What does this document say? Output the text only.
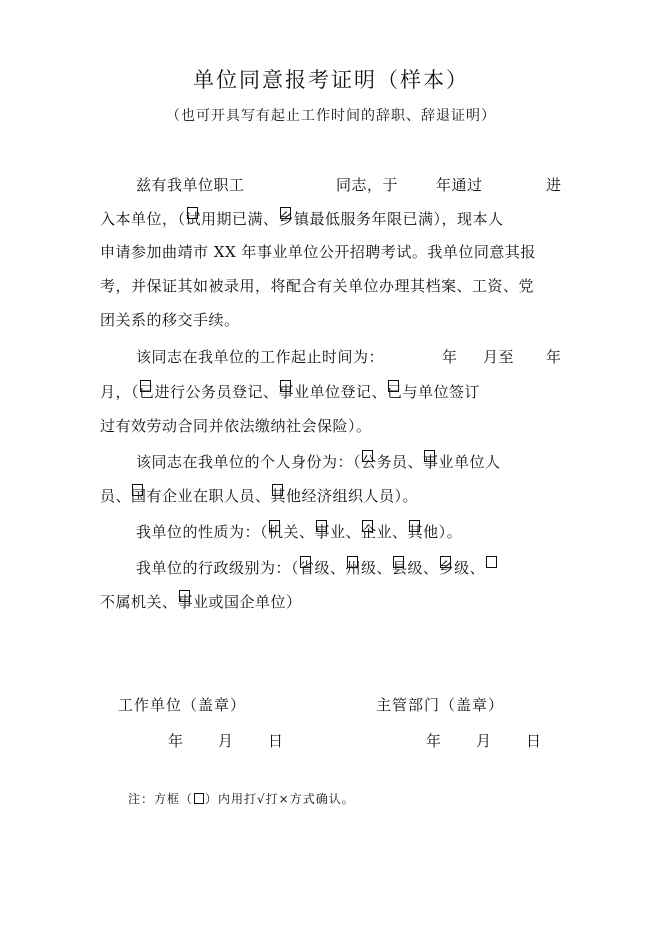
单位同意报考证明（样本）
（也可开具写有起止工作时间的辞职、辞退证明）
兹有我单位职工	同志，于	年通过	进
入本单位，（
试用期已满、
乡镇最低服务年限已满），现本人
申请参加曲靖市 XX 年事业单位公开招聘考试。我单位同意其报
考，并保证其如被录用，将配合有关单位办理其档案、工资、党
团关系的移交手续。
该同志在我单位的工作起止时间为：	年 月至 年
月，（
已进行公务员登记、
事业单位登记、
已与单位签订
过有效劳动合同并依法缴纳社会保险）。
该同志在我单位的个人身份为：（
公务员、
事业单位人
员、
国有企业在职人员、
其他经济组织人员）。
我单位的性质为：（
机关、
事业、
企业、
其他）。
我单位的行政级别为：（
省级、
州级、
县级、
乡级、
不属机关、
事业或国企单位）
工作单位（盖章）	主管部门（盖章）
年 月 日	年 月 日
注：方框（ ）内用打√打×方式确认。
